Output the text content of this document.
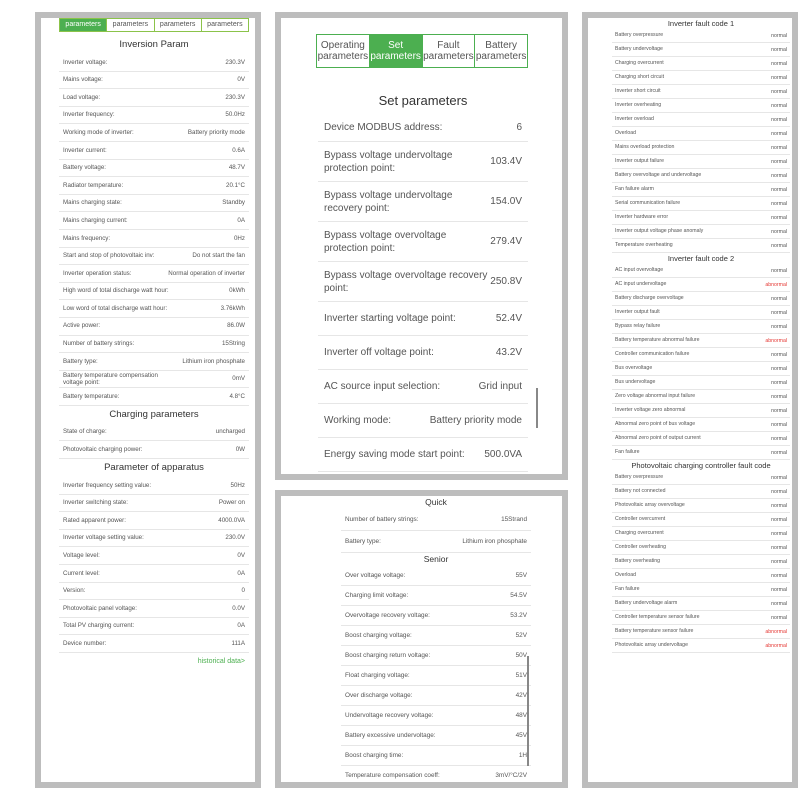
parameters	parameters	parameters	parameters
Inversion Param
Inverter voltage:	230.3V
Mains voltage:	0V
Load voltage:	230.3V
Inverter frequency:	50.0Hz
Working mode of inverter:	Battery priority mode
Inverter current:	0.6A
Battery voltage:	48.7V
Radiator temperature:	20.1°C
Mains charging state:	Standby
Mains charging current:	0A
Mains frequency:	0Hz
Start and stop of photovoltaic inv:	Do not start the fan
Inverter operation status:	Normal operation of inverter
High word of total discharge watt hour:	0kWh
Low word of total discharge watt hour:	3.76kWh
Active power:	86.0W
Number of battery strings:	15String
Battery type:	Lithium iron phosphate
Battery temperature compensation voltage point:
0mV
Battery temperature:	4.8°C
Charging parameters
State of charge:	uncharged
Photovoltaic charging power:	0W
Parameter of apparatus
Inverter frequency setting value:	50Hz
Inverter switching state:	Power on
Rated apparent power:	4000.0VA
Inverter voltage setting value:	230.0V
Voltage level:	0V
Current level:	0A
Version:	0
Photovoltaic panel voltage:	0.0V
Total PV charging current:	0A
Device number:	111A
historical data>
Operating parameters
Set parameters
Fault parameters
Battery parameters
Set parameters
Device MODBUS address:	6
Bypass voltage undervoltage protection point:
103.4V
Bypass voltage undervoltage recovery point:
154.0V
Bypass voltage overvoltage protection point:
279.4V
Bypass voltage overvoltage recovery point:
250.8V
Inverter starting voltage point:	52.4V
Inverter off voltage point:	43.2V
AC source input selection:	Grid input
Working mode:	Battery priority mode
Energy saving mode start point: 500.0VA
Quick
Number of battery strings:	15Strand
Battery type:	Lithium iron phosphate
Senior
Over voltage voltage:	55V
Charging limit voltage:	54.5V
Overvoltage recovery voltage:	53.2V
Boost charging voltage:	52V
Boost charging return voltage:	50V
Float charging voltage:	51V
Over discharge voltage:	42V
Undervoltage recovery voltage:	48V
Battery excessive undervoltage:	45V
Boost charging time:	1H
Temperature compensation coeff:	3mV/°C/2V
Inverter fault code 1
Battery overpressure	normal
Battery undervoltage	normal
Charging overcurrent	normal
Charging short circuit	normal
Inverter short circuit	normal
Inverter overheating	normal
Inverter overload	normal
Overload	normal
Mains overload protection	normal
Inverter output failure	normal
Battery overvoltage and undervoltage	normal
Fan failure alarm	normal
Serial communication failure	normal
Inverter hardware error	normal
Inverter output voltage phase anomaly	normal
Temperature overheating	normal
Inverter fault code 2
AC input overvoltage	normal
AC input undervoltage	abnormal
Battery discharge overvoltage	normal
Inverter output fault	normal
Bypass relay failure	normal
Battery temperature abnormal failure	abnormal
Controller communication failure	normal
Bus overvoltage	normal
Bus undervoltage	normal
Zero voltage abnormal input failure	normal
Inverter voltage zero abnormal	normal
Abnormal zero point of bus voltage	normal
Abnormal zero point of output current	normal
Fan failure	normal
Photovoltaic charging controller fault code
Battery overpressure	normal
Battery not connected	normal
Photovoltaic array overvoltage	normal
Controller overcurrent	normal
Charging overcurrent	normal
Controller overheating	normal
Battery overheating	normal
Overload	normal
Fan failure	normal
Battery undervoltage alarm	normal
Controller temperature sensor failure	normal
Battery temperature sensor failure	abnormal
Photovoltaic array undervoltage	abnormal
